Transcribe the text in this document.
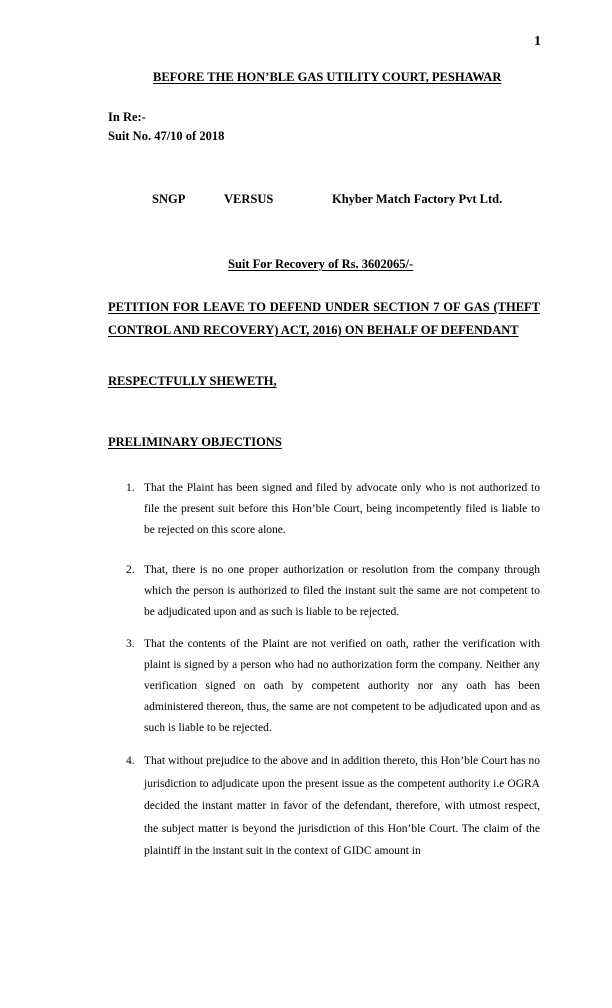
1
BEFORE THE HON’BLE GAS UTILITY COURT, PESHAWAR
In Re:-
Suit No. 47/10 of 2018
SNGP	VERSUS	Khyber Match Factory Pvt Ltd.
Suit For Recovery of Rs. 3602065/-
PETITION FOR LEAVE TO DEFEND UNDER SECTION 7 OF GAS (THEFT CONTROL AND RECOVERY) ACT, 2016) ON BEHALF OF DEFENDANT
RESPECTFULLY SHEWETH,
PRELIMINARY OBJECTIONS
1. That the Plaint has been signed and filed by advocate only who is not authorized to file the present suit before this Hon’ble Court, being incompetently filed is liable to be rejected on this score alone.
2. That, there is no one proper authorization or resolution from the company through which the person is authorized to filed the instant suit the same are not competent to be adjudicated upon and as such is liable to be rejected.
3. That the contents of the Plaint are not verified on oath, rather the verification with plaint is signed by a person who had no authorization form the company. Neither any verification signed on oath by competent authority nor any oath has been administered thereon, thus, the same are not competent to be adjudicated upon and as such is liable to be rejected.
4. That without prejudice to the above and in addition thereto, this Hon’ble Court has no jurisdiction to adjudicate upon the present issue as the competent authority i.e OGRA decided the instant matter in favor of the defendant, therefore, with utmost respect, the subject matter is beyond the jurisdiction of this Hon’ble Court. The claim of the plaintiff in the instant suit in the context of GIDC amount in
